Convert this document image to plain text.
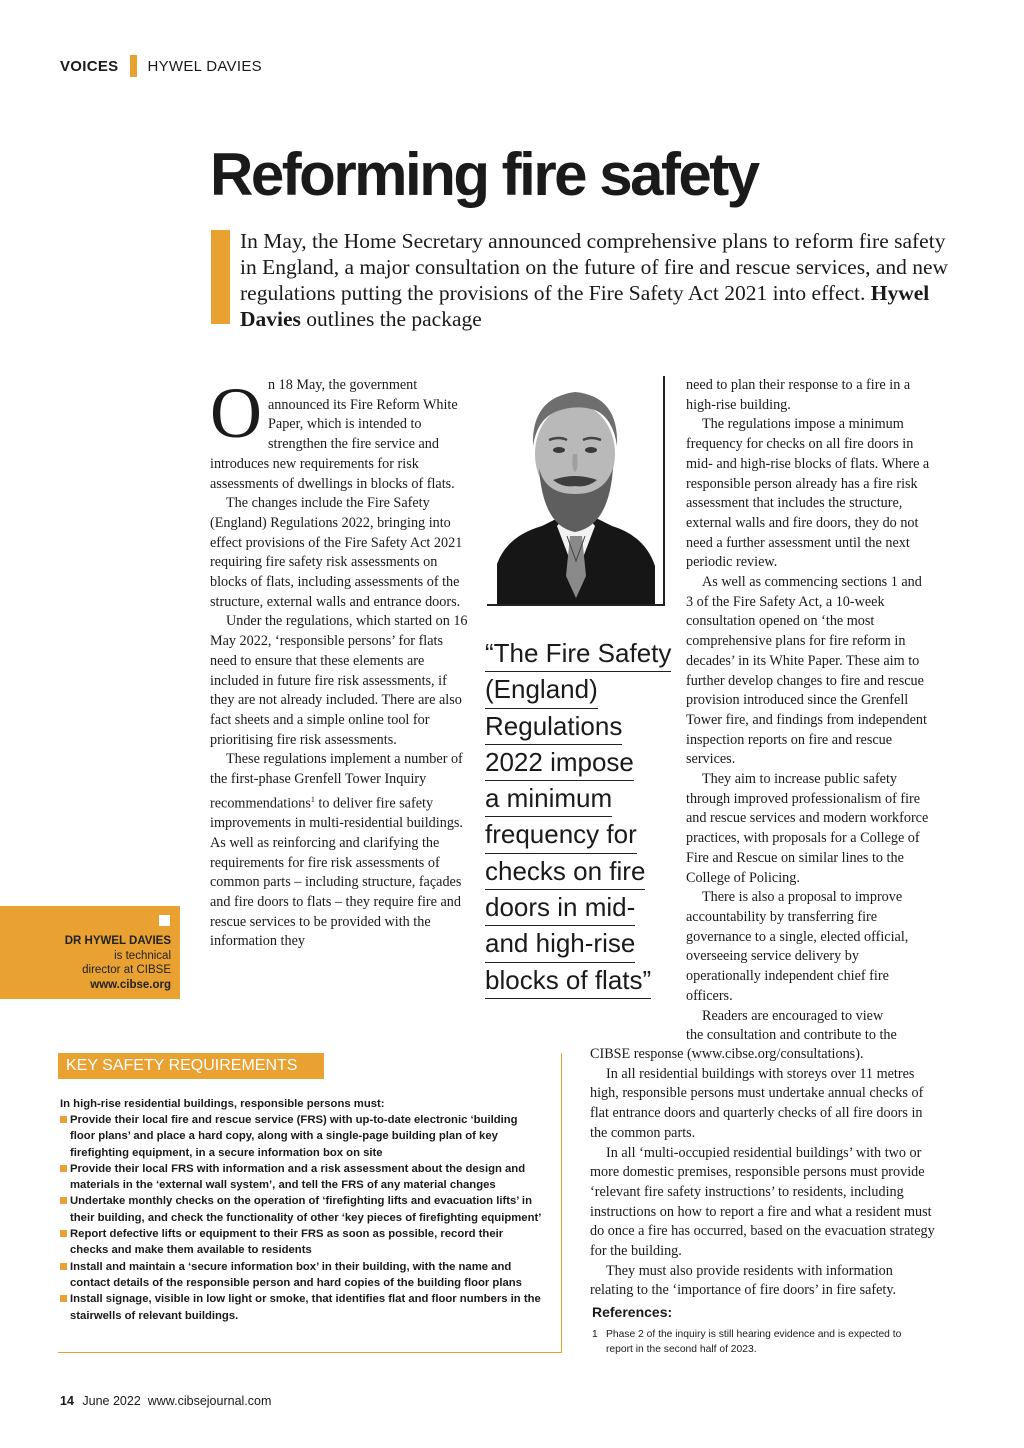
VOICES HYWEL DAVIES
Reforming fire safety

In May, the Home Secretary announced comprehensive plans to reform fire safety in England, a major consultation on the future of fire and rescue services, and new regulations putting the provisions of the Fire Safety Act 2021 into effect. Hywel Davies outlines the package

On 18 May, the government announced its Fire Reform White Paper, which is intended to strengthen the fire service and introduces new requirements for risk assessments of dwellings in blocks of flats.

The changes include the Fire Safety (England) Regulations 2022, bringing into effect provisions of the Fire Safety Act 2021 requiring fire safety risk assessments on blocks of flats, including assessments of the structure, external walls and entrance doors.

Under the regulations, which started on 16 May 2022, ‘responsible persons’ for flats need to ensure that these elements are included in future fire risk assessments, if they are not already included. There are also fact sheets and a simple online tool for prioritising fire risk assessments.

These regulations implement a number of the first-phase Grenfell Tower Inquiry recommendations$^1$ to deliver fire safety improvements in multi-residential buildings. As well as reinforcing and clarifying the requirements for fire risk assessments of common parts – including structure, façades and fire doors to flats – they require fire and rescue services to be provided with the information they

“The Fire Safety
(England)
Regulations
2022 impose
a minimum
frequency for
checks on fire
doors in mid-
and high-rise
blocks of flats”

need to plan their response to a fire in a high-rise building.

The regulations impose a minimum frequency for checks on all fire doors in mid- and high-rise blocks of flats. Where a responsible person already has a fire risk assessment that includes the structure, external walls and fire doors, they do not need a further assessment until the next periodic review.

As well as commencing sections 1 and 3 of the Fire Safety Act, a 10-week consultation opened on ‘the most comprehensive plans for fire reform in decades’ in its White Paper. These aim to further develop changes to fire and rescue provision introduced since the Grenfell Tower fire, and findings from independent inspection reports on fire and rescue services.

They aim to increase public safety through improved professionalism of fire and rescue services and modern workforce practices, with proposals for a College of Fire and Rescue on similar lines to the College of Policing.

There is also a proposal to improve accountability by transferring fire governance to a single, elected official, overseeing service delivery by operationally independent chief fire officers.

Readers are encouraged to view

the consultation and contribute to the

CIBSE response (www.cibse.org/consultations).

In all residential buildings with storeys over 11 metres high, responsible persons must undertake annual checks of flat entrance doors and quarterly checks of all fire doors in the common parts.

In all ‘multi-occupied residential buildings’ with two or more domestic premises, responsible persons must provide ‘relevant fire safety instructions’ to residents, including instructions on how to report a fire and what a resident must do once a fire has occurred, based on the evacuation strategy for the building.

They must also provide residents with information relating to the ‘importance of fire doors’ in fire safety.

References:
1 Phase 2 of the inquiry is still hearing evidence and is expected to report in the second half of 2023.
DR HYWEL DAVIES
is technical
director at CIBSE
www.cibse.org
KEY SAFETY REQUIREMENTS
In high-rise residential buildings, responsible persons must:
Provide their local fire and rescue service (FRS) with up-to-date electronic ‘building floor plans’ and place a hard copy, along with a single-page building plan of key firefighting equipment, in a secure information box on site
Provide their local FRS with information and a risk assessment about the design and materials in the ‘external wall system’, and tell the FRS of any material changes
Undertake monthly checks on the operation of ‘firefighting lifts and evacuation lifts’ in their building, and check the functionality of other ‘key pieces of firefighting equipment’
Report defective lifts or equipment to their FRS as soon as possible, record their checks and make them available to residents
Install and maintain a ‘secure information box’ in their building, with the name and contact details of the responsible person and hard copies of the building floor plans
Install signage, visible in low light or smoke, that identifies flat and floor numbers in the stairwells of relevant buildings.
14 June 2022 www.cibsejournal.com
